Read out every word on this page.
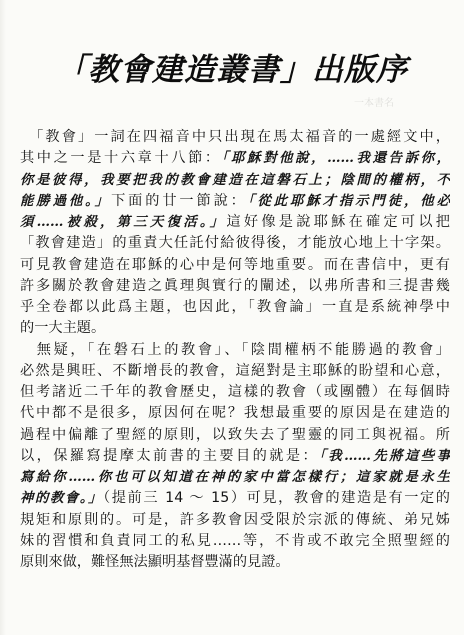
「教會建造叢書」出版序
一本書名
　「教會」一詞在四福音中只出現在馬太福音的一處經文中，
其中之一是十六章十八節：「耶穌對他說，……我還告訴你，
你是彼得，我要把我的教會建造在這磐石上；陰間的權柄，不
能勝過他。」下面的廿一節說：「從此耶穌才指示門徒，他必
須……被殺，第三天復活。」這好像是說耶穌在確定可以把
「教會建造」的重責大任託付給彼得後，才能放心地上十字架。
可見教會建造在耶穌的心中是何等地重要。而在書信中，更有
許多關於教會建造之眞理與實行的闡述，以弗所書和三提書幾
乎全卷都以此爲主題，也因此，「教會論」一直是系統神學中
的一大主題。
　無疑，「在磐石上的教會」、「陰間權柄不能勝過的教會」
必然是興旺、不斷增長的教會，這絕對是主耶穌的盼望和心意，
但考諸近二千年的教會歷史，這樣的教會（或團體）在每個時
代中都不是很多，原因何在呢？我想最重要的原因是在建造的
過程中偏離了聖經的原則，以致失去了聖靈的同工與祝福。所
以，保羅寫提摩太前書的主要目的就是：「我……先將這些事
寫給你……你也可以知道在神的家中當怎樣行；這家就是永生
神的教會。」（提前三 14 ～ 15）可見，教會的建造是有一定的
規矩和原則的。可是，許多教會因受限於宗派的傳統、弟兄姊
妹的習慣和負責同工的私見……等，不肯或不敢完全照聖經的
原則來做，難怪無法顯明基督豐滿的見證。
